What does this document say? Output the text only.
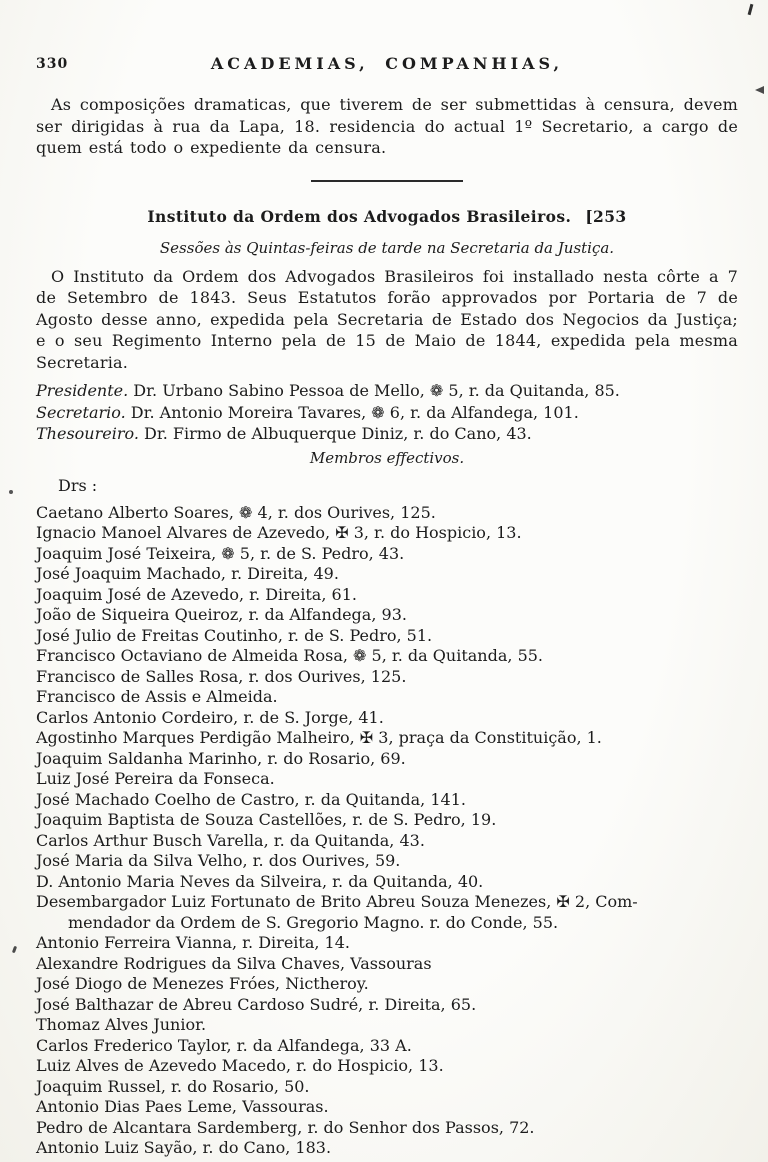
330	ACADEMIAS, COMPANHIAS,

As composições dramaticas, que tiverem de ser submettidas à censura, devem ser dirigidas à rua da Lapa, 18. residencia do actual 1º Secretario, a cargo de quem está todo o expediente da censura.

Instituto da Ordem dos Advogados Brasileiros. [253

Sessões às Quintas-feiras de tarde na Secretaria da Justiça.

O Instituto da Ordem dos Advogados Brasileiros foi installado nesta côrte a 7 de Setembro de 1843. Seus Estatutos forão approvados por Portaria de 7 de Agosto desse anno, expedida pela Secretaria de Estado dos Negocios da Justiça; e o seu Regimento Interno pela de 15 de Maio de 1844, expedida pela mesma Secretaria.

Presidente. Dr. Urbano Sabino Pessoa de Mello, ❁ 5, r. da Quitanda, 85.

Secretario. Dr. Antonio Moreira Tavares, ❁ 6, r. da Alfandega, 101.

Thesoureiro. Dr. Firmo de Albuquerque Diniz, r. do Cano, 43.

Membros effectivos.

Drs :

Caetano Alberto Soares, ❁ 4, r. dos Ourives, 125.

Ignacio Manoel Alvares de Azevedo, ✠ 3, r. do Hospicio, 13.

Joaquim José Teixeira, ❁ 5, r. de S. Pedro, 43.

José Joaquim Machado, r. Direita, 49.

Joaquim José de Azevedo, r. Direita, 61.

João de Siqueira Queiroz, r. da Alfandega, 93.

José Julio de Freitas Coutinho, r. de S. Pedro, 51.

Francisco Octaviano de Almeida Rosa, ❁ 5, r. da Quitanda, 55.

Francisco de Salles Rosa, r. dos Ourives, 125.

Francisco de Assis e Almeida.

Carlos Antonio Cordeiro, r. de S. Jorge, 41.

Agostinho Marques Perdigão Malheiro, ✠ 3, praça da Constituição, 1.

Joaquim Saldanha Marinho, r. do Rosario, 69.

Luiz José Pereira da Fonseca.

José Machado Coelho de Castro, r. da Quitanda, 141.

Joaquim Baptista de Souza Castellões, r. de S. Pedro, 19.

Carlos Arthur Busch Varella, r. da Quitanda, 43.

José Maria da Silva Velho, r. dos Ourives, 59.

D. Antonio Maria Neves da Silveira, r. da Quitanda, 40.

Desembargador Luiz Fortunato de Brito Abreu Souza Menezes, ✠ 2, Com-

mendador da Ordem de S. Gregorio Magno. r. do Conde, 55.

Antonio Ferreira Vianna, r. Direita, 14.

Alexandre Rodrigues da Silva Chaves, Vassouras

José Diogo de Menezes Fróes, Nictheroy.

José Balthazar de Abreu Cardoso Sudré, r. Direita, 65.

Thomaz Alves Junior.

Carlos Frederico Taylor, r. da Alfandega, 33 A.

Luiz Alves de Azevedo Macedo, r. do Hospicio, 13.

Joaquim Russel, r. do Rosario, 50.

Antonio Dias Paes Leme, Vassouras.

Pedro de Alcantara Sardemberg, r. do Senhor dos Passos, 72.

Antonio Luiz Sayão, r. do Cano, 183.
